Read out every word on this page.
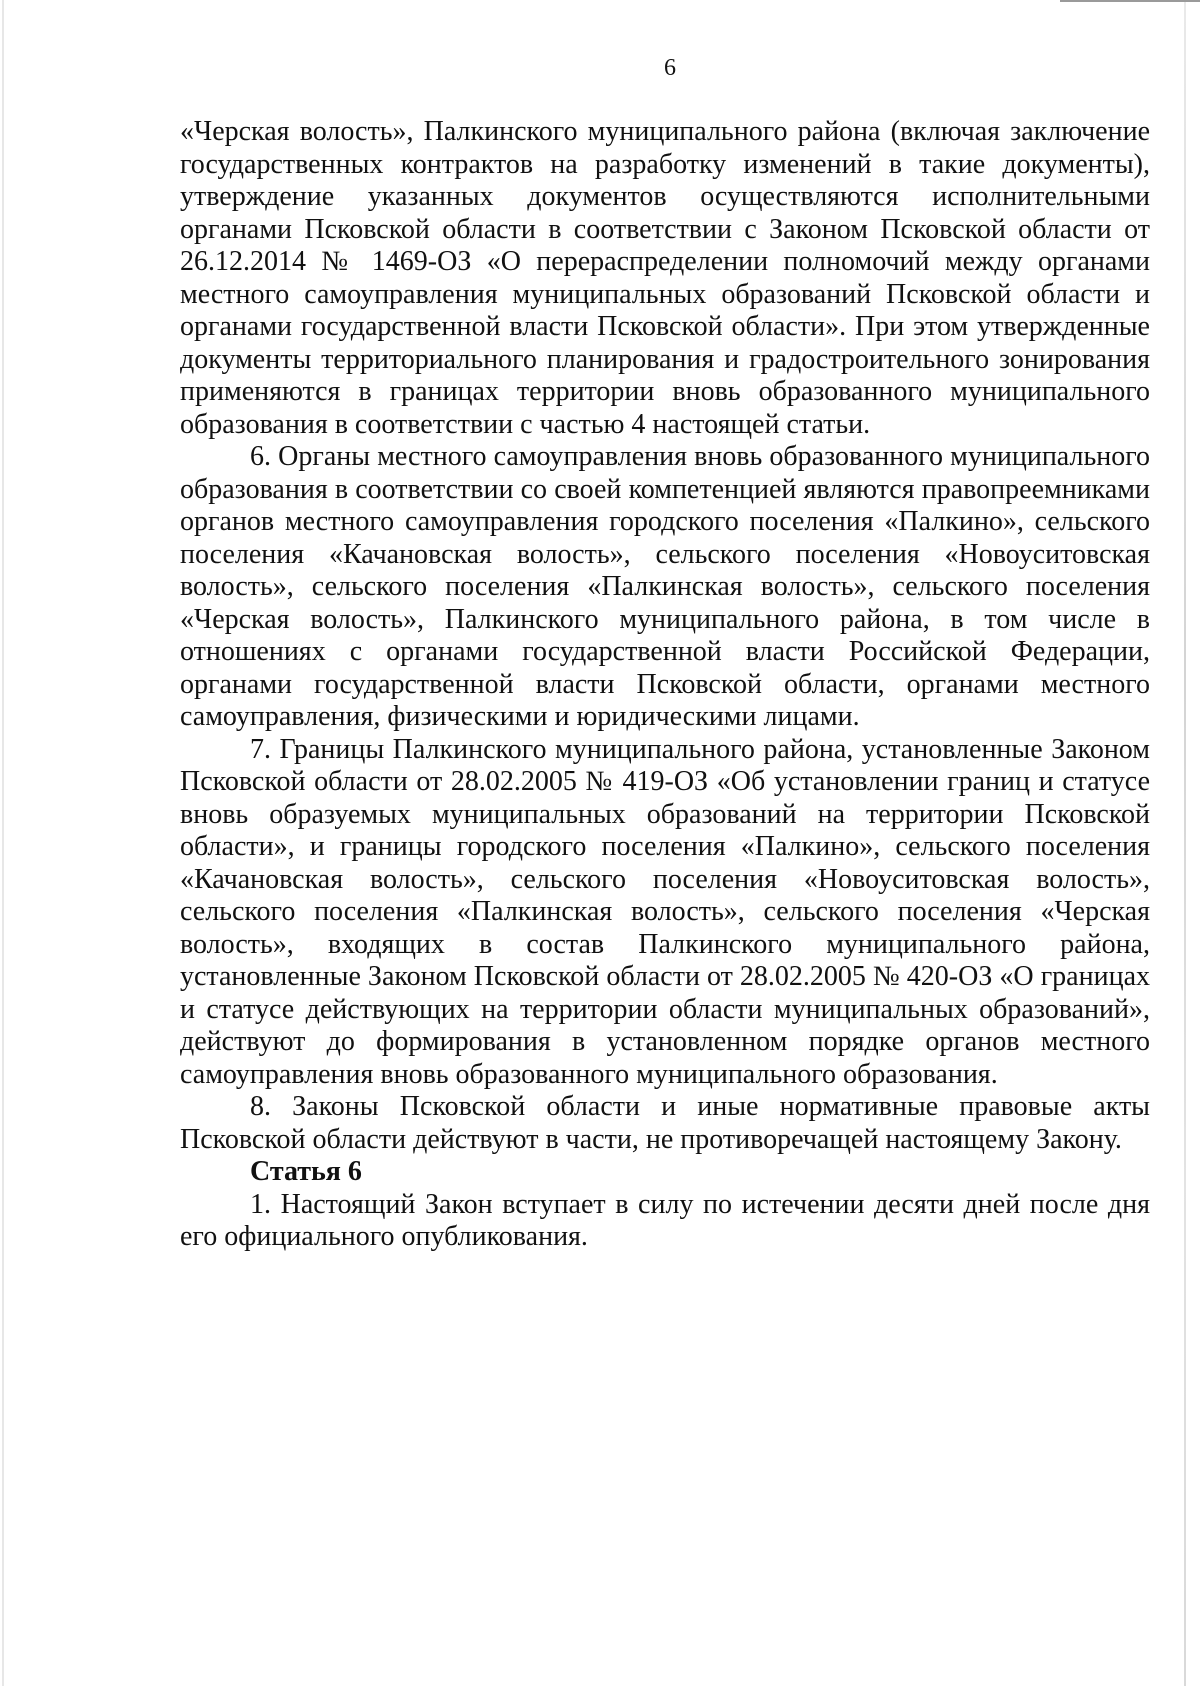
6

«Черская волость», Палкинского муниципального района (включая заключение государственных контрактов на разработку изменений в такие документы), утверждение указанных документов осуществляются исполнительными органами Псковской области в соответствии с Законом Псковской области от 26.12.2014 № 1469-ОЗ «О перераспределении полномочий между органами местного самоуправления муниципальных образований Псковской области и органами государственной власти Псковской области». При этом утвержденные документы территориального планирования и градостроительного зонирования применяются в границах территории вновь образованного муниципального образования в соответствии с частью 4 настоящей статьи.

6. Органы местного самоуправления вновь образованного муниципального образования в соответствии со своей компетенцией являются правопреемниками органов местного самоуправления городского поселения «Палкино», сельского поселения «Качановская волость», сельского поселения «Новоуситовская волость», сельского поселения «Палкинская волость», сельского поселения «Черская волость», Палкинского муниципального района, в том числе в отношениях с органами государственной власти Российской Федерации, органами государственной власти Псковской области, органами местного самоуправления, физическими и юридическими лицами.

7. Границы Палкинского муниципального района, установленные Законом Псковской области от 28.02.2005 № 419-ОЗ «Об установлении границ и статусе вновь образуемых муниципальных образований на территории Псковской области», и границы городского поселения «Палкино», сельского поселения «Качановская волость», сельского поселения «Новоуситовская волость», сельского поселения «Палкинская волость», сельского поселения «Черская волость», входящих в состав Палкинского муниципального района, установленные Законом Псковской области от 28.02.2005 № 420-ОЗ «О границах и статусе действующих на территории области муниципальных образований», действуют до формирования в установленном порядке органов местного самоуправления вновь образованного муниципального образования.

8. Законы Псковской области и иные нормативные правовые акты Псковской области действуют в части, не противоречащей настоящему Закону.

Статья 6

1. Настоящий Закон вступает в силу по истечении десяти дней после дня его официального опубликования.
